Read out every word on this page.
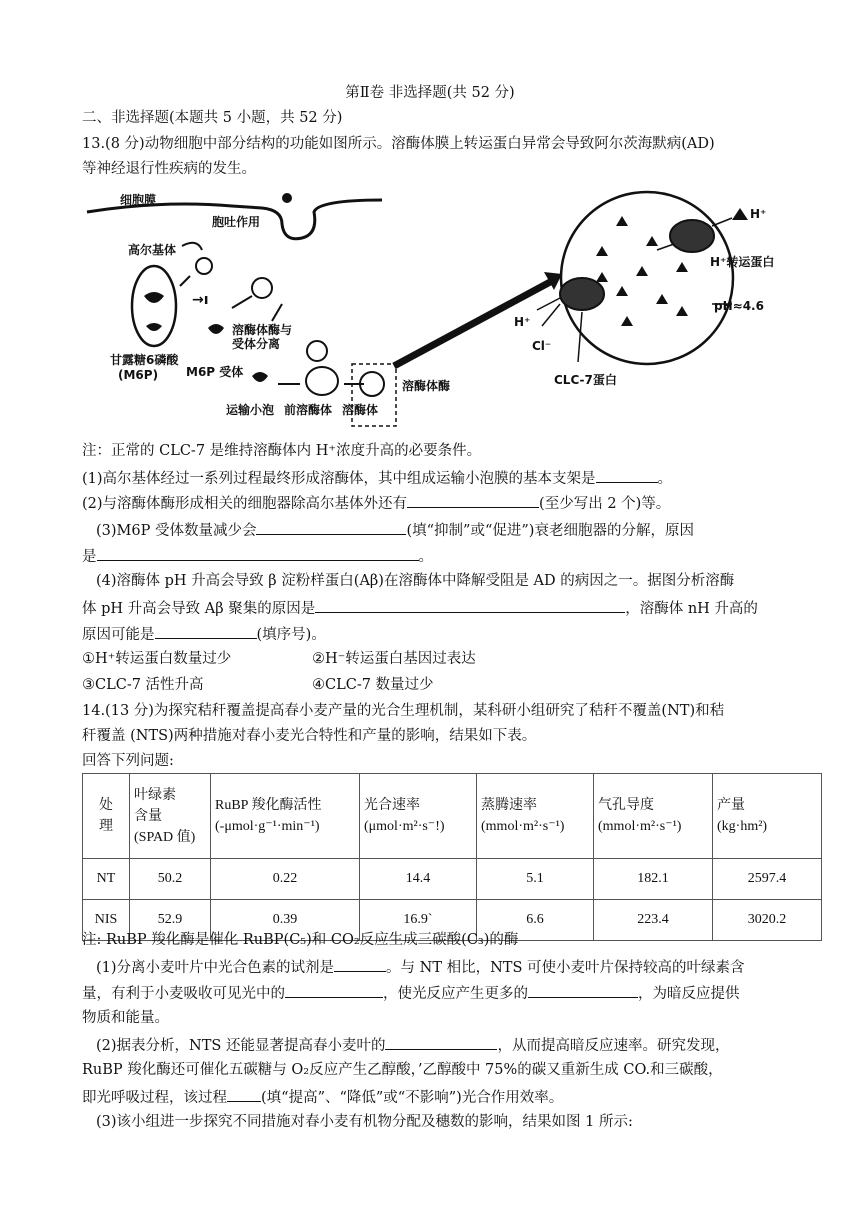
第Ⅱ卷 非选择题(共 52 分)
二、非选择题(本题共 5 小题，共 52 分)
13.(8 分)动物细胞中部分结构的功能如图所示。溶酶体膜上转运蛋白异常会导致阿尔茨海默病(AD)
等神经退行性疾病的发生。
细胞膜
胞吐作用
高尔基体
→ı
甘露糖6磷酸
(M6P)
溶酶体酶与
受体分离
M6P 受体
运输小泡 前溶酶体 溶酶体
溶酶体酶
H⁺
H⁺转运蛋白
pH≈4.6
H⁺
Cl⁻
CLC-7蛋白
注：正常的 CLC-7 是维持溶酶体内 H⁺浓度升高的必要条件。
(1)高尔基体经过一系列过程最终形成溶酶体，其中组成运输小泡膜的基本支架是	。
(2)与溶酶体酶形成相关的细胞器除高尔基体外还有	(至少写出 2 个)等。
(3)M6P 受体数量减少会	(填“抑制”或“促进”)衰老细胞器的分解，原因
是	。
(4)溶酶体 pH 升高会导致 β 淀粉样蛋白(Aβ)在溶酶体中降解受阻是 AD 的病因之一。据图分析溶酶
体 pH 升高会导致 Aβ 聚集的原因是	，溶酶体 nH 升高的
原因可能是	(填序号)。
①H⁺转运蛋白数量过少	②H⁻转运蛋白基因过表达
③CLC-7 活性升高	④CLC-7 数量过少
14.(13 分)为探究秸秆覆盖提高春小麦产量的光合生理机制，某科研小组研究了秸秆不覆盖(NT)和秸
秆覆盖 (NTS)两种措施对春小麦光合特性和产量的影响，结果如下表。
回答下列问题:
处
理	叶绿素
含量
(SPAD 值)	RuBP 羧化酶活性
(-μmol·g⁻¹·min⁻¹)	光合速率
(μmol·m²·s⁻!)	蒸腾速率
(mmol·m²·s⁻¹)	气孔导度
(mmol·m²·s⁻¹)	产量
(kg·hm²)
NT	50.2	0.22	14.4	5.1	182.1	2597.4
NIS	52.9	0.39	16.9`	6.6	223.4	3020.2
注: RuBP 羧化酶是催化 RuBP(C₅)和 CO₂反应生成三碳酸(C₃)的酶
(1)分离小麦叶片中光合色素的试剂是	。与 NT 相比，NTS 可使小麦叶片保持较高的叶绿素含
量，有利于小麦吸收可见光中的	，使光反应产生更多的	，为暗反应提供
物质和能量。
(2)据表分析，NTS 还能显著提高春小麦叶的	，从而提高暗反应速率。研究发现，
RuBP 羧化酶还可催化五碳糖与 O₂反应产生乙醇酸，’乙醇酸中 75%的碳又重新生成 CO.和三碳酸，
即光呼吸过程，该过程 (填“提高”、“降低”或“不影响”)光合作用效率。
(3)该小组进一步探究不同措施对春小麦有机物分配及穗数的影响，结果如图 1 所示:
